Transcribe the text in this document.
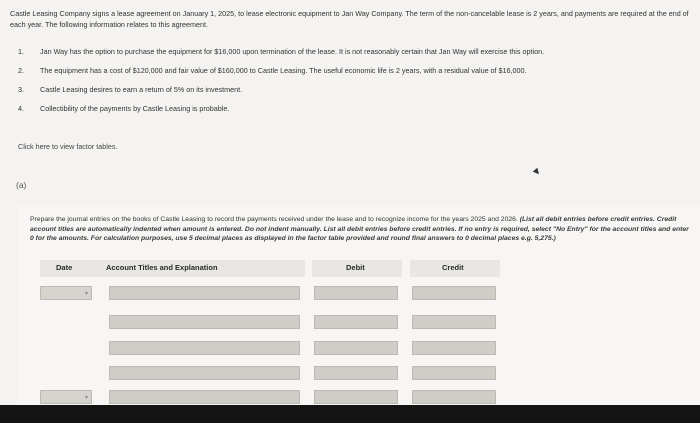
Castle Leasing Company signs a lease agreement on January 1, 2025, to lease electronic equipment to Jan Way Company. The term of the non-cancelable lease is 2 years, and payments are required at the end of each year. The following information relates to this agreement.
1.	Jan Way has the option to purchase the equipment for $16,000 upon termination of the lease. It is not reasonably certain that Jan Way will exercise this option.
2.	The equipment has a cost of $120,000 and fair value of $160,000 to Castle Leasing. The useful economic life is 2 years, with a residual value of $16,000.
3.	Castle Leasing desires to earn a return of 5% on its investment.
4.	Collectibility of the payments by Castle Leasing is probable.
Click here to view factor tables.
(a)
Prepare the journal entries on the books of Castle Leasing to record the payments received under the lease and to recognize income for the years 2025 and 2026. (List all debit entries before credit entries. Credit account titles are automatically indented when amount is entered. Do not indent manually. List all debit entries before credit entries. If no entry is required, select "No Entry" for the account titles and enter 0 for the amounts. For calculation purposes, use 5 decimal places as displayed in the factor table provided and round final answers to 0 decimal places e.g. 5,275.)
Date	Account Titles and Explanation	Debit	Credit
▾
▾
